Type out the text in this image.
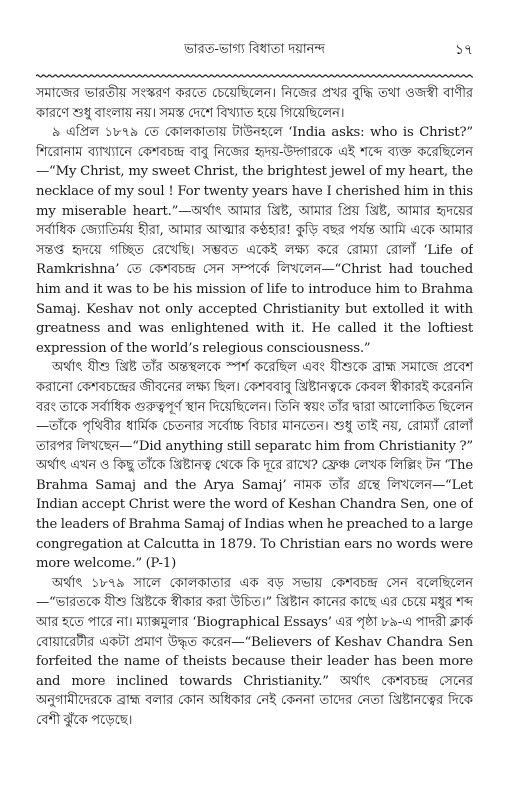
ভারত-ভাগ্য বিধাতা দয়ানন্দ	১৭

সমাজের ভারতীয় সংস্করণ করতে চেয়েছিলেন। নিজের প্রখর বুদ্ধি তথা ওজস্বী বাণীর কারণে শুধু বাংলায় নয়। সমস্ত দেশে বিখ্যাত হয়ে গিয়েছিলেন।

৯ এপ্রিল ১৮৭৯ তে কোলকাতায় টাউনহলে ‘India asks: who is Christ?” শিরোনাম ব্যাখ্যানে কেশবচন্দ্র বাবু নিজের হৃদয়-উদ্গারকে এই শব্দে ব্যক্ত করেছিলেন—“My Christ, my sweet Christ, the brightest jewel of my heart, the necklace of my soul ! For twenty years have I cherished him in this my miserable heart.”—অর্থাৎ আমার খ্রিষ্ট, আমার প্রিয় খ্রিষ্ট, আমার হৃদয়ের সর্বাধিক জ্যোতির্ময় হীরা, আমার আত্মার কণ্ঠহার! কুড়ি বছর পর্যন্ত আমি একে আমার সন্তপ্ত হৃদয়ে গচ্ছিত রেখেছি। সম্ভবত একেই লক্ষ্য করে রোম্যা রোলাঁ ‘Life of Ramkrishna’ তে কেশবচন্দ্র সেন সম্পর্কে লিখলেন—“Christ had touched him and it was to be his mission of life to introduce him to Brahma Samaj. Keshav not only accepted Christianity but extolled it with greatness and was enlightened with it. He called it the loftiest expression of the world’s relegious consciousness.”

অর্থাৎ যীশু খ্রিষ্ট তাঁর অন্তস্থলকে স্পর্শ করেছিল এবং যীশুকে ব্রাহ্ম সমাজে প্রবেশ করানো কেশবচন্দ্রের জীবনের লক্ষ্য ছিল। কেশববাবু খ্রিষ্টানত্বকে কেবল স্বীকারই করেননি বরং তাকে সর্বাধিক গুরুত্বপূর্ণ স্থান দিয়েছিলেন। তিনি স্বয়ং তাঁর দ্বারা আলোকিত ছিলেন—তাঁকে পৃথিবীর ধার্মিক চেতনার সর্বোচ্চ বিচার মানতেন। শুধু তাই নয়, রোম্যাঁ রোলাঁ তারপর লিখছেন—“Did anything still separatc him from Christianity ?” অর্থাৎ এখন ও কিছু তাঁকে খ্রিষ্টানত্ব থেকে কি দূরে রাখে? ফ্রেঞ্চ লেখক লিল্লিং টন ‘The Brahma Samaj and the Arya Samaj’ নামক তাঁর গ্রন্থে লিখলেন—“Let Indian accept Christ were the word of Keshan Chandra Sen, one of the leaders of Brahma Samaj of Indias when he preached to a large congregation at Calcutta in 1879. To Christian ears no words were more welcome.” (P-1)

অর্থাৎ ১৮৭৯ সালে কোলকাতার এক বড় সভায় কেশবচন্দ্র সেন বলেছিলেন—“ভারতকে যীশু খ্রিষ্টকে স্বীকার করা উচিত।” খ্রিষ্টান কানের কাছে এর চেয়ে মধুর শব্দ আর হতে পারে না। ম্যাক্সমুলার ‘Biographical Essays’ এর পৃষ্ঠা ৮৯-এ পাদরী ক্লার্ক বোয়ারেটীর একটা প্রমাণ উদ্ধৃত করেন—“Believers of Keshav Chandra Sen forfeited the name of theists because their leader has been more and more inclined towards Christianity.” অর্থাৎ কেশবচন্দ্র সেনের অনুগামীদেরকে ব্রাহ্ম বলার কোন অধিকার নেই কেননা তাদের নেতা খ্রিষ্টানত্বের দিকে বেশী ঝুঁকে পড়েছে।
